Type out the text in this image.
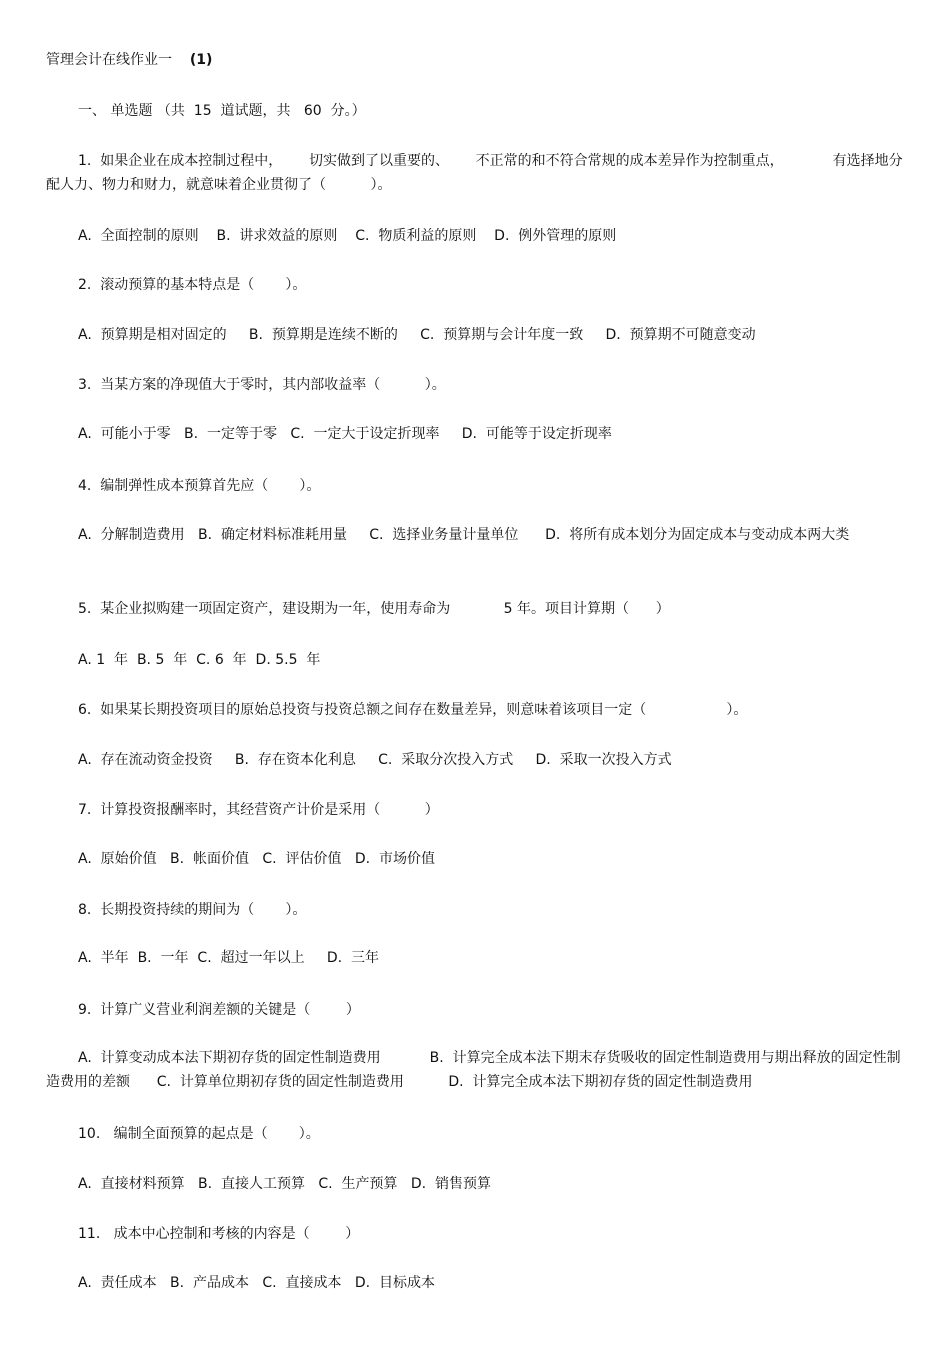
管理会计在线作业一 (1)
一、 单选题 （共  15  道试题，共   60  分。）
1.  如果企业在成本控制过程中，      切实做到了以重要的、      不正常的和不符合常规的成本差异作为控制重点，           有选择地分配人力、物力和财力，就意味着企业贯彻了（          ）。
A.  全面控制的原则    B.  讲求效益的原则    C.  物质利益的原则    D.  例外管理的原则
2.  滚动预算的基本特点是（       ）。
A.  预算期是相对固定的     B.  预算期是连续不断的     C.  预算期与会计年度一致     D.  预算期不可随意变动
3.  当某方案的净现值大于零时，其内部收益率（          ）。
A.  可能小于零   B.  一定等于零   C.  一定大于设定折现率     D.  可能等于设定折现率
4.  编制弹性成本预算首先应（       ）。
A.  分解制造费用   B.  确定材料标准耗用量     C.  选择业务量计量单位      D.  将所有成本划分为固定成本与变动成本两大类
5.  某企业拟购建一项固定资产，建设期为一年，使用寿命为            5 年。项目计算期（      ）
A. 1  年  B. 5  年  C. 6  年  D. 5.5  年
6.  如果某长期投资项目的原始总投资与投资总额之间存在数量差异，则意味着该项目一定（                  ）。
A.  存在流动资金投资     B.  存在资本化利息     C.  采取分次投入方式     D.  采取一次投入方式
7.  计算投资报酬率时，其经营资产计价是采用（          ）
A.  原始价值   B.  帐面价值   C.  评估价值   D.  市场价值
8.  长期投资持续的期间为（       ）。
A.  半年  B.  一年  C.  超过一年以上     D.  三年
9.  计算广义营业利润差额的关键是（        ）
A.  计算变动成本法下期初存货的固定性制造费用           B.  计算完全成本法下期末存货吸收的固定性制造费用与期出释放的固定性制造费用的差额      C.  计算单位期初存货的固定性制造费用          D.  计算完全成本法下期初存货的固定性制造费用
10.   编制全面预算的起点是（       ）。
A.  直接材料预算   B.  直接人工预算   C.  生产预算   D.  销售预算
11.   成本中心控制和考核的内容是（        ）
A.  责任成本   B.  产品成本   C.  直接成本   D.  目标成本
